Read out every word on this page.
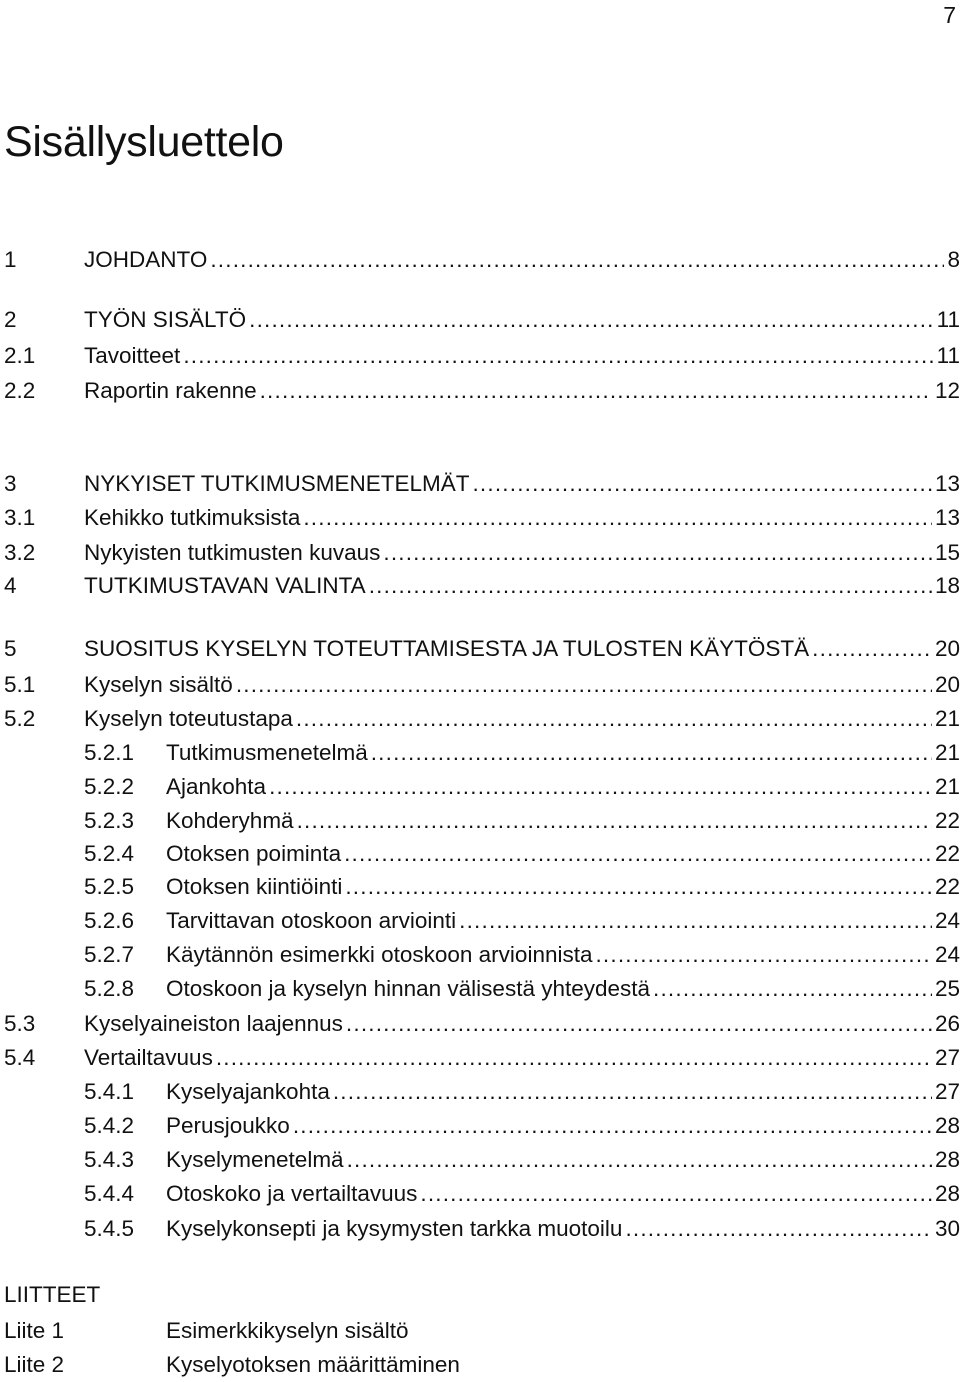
7
Sisällysluettelo
1	JOHDANTO .....	8
2	TYÖN SISÄLTÖ .....	11
2.1 Tavoitteet .....	11
2.2 Raportin rakenne .....	12
3	NYKYISET TUTKIMUSMENETELMÄT .....	13
3.1 Kehikko tutkimuksista .....	13
3.2 Nykyisten tutkimusten kuvaus .....	15
4	TUTKIMUSTAVAN VALINTA .....	18
5	SUOSITUS KYSELYN TOTEUTTAMISESTA JA TULOSTEN KÄYTÖSTÄ .....	20
5.1 Kyselyn sisältö .....	20
5.2 Kyselyn toteutustapa .....	21
5.2.1 Tutkimusmenetelmä .....	21
5.2.2 Ajankohta .....	21
5.2.3 Kohderyhmä .....	22
5.2.4 Otoksen poiminta .....	22
5.2.5 Otoksen kiintiöinti .....	22
5.2.6 Tarvittavan otoskoon arviointi .....	24
5.2.7 Käytännön esimerkki otoskoon arvioinnista .....	24
5.2.8 Otoskoon ja kyselyn hinnan välisestä yhteydestä .....	25
5.3 Kyselyaineiston laajennus .....	26
5.4 Vertailtavuus .....	27
5.4.1 Kyselyajankohta .....	27
5.4.2 Perusjoukko .....	28
5.4.3 Kyselymenetelmä .....	28
5.4.4 Otoskoko ja vertailtavuus .....	28
5.4.5 Kyselykonsepti ja kysymysten tarkka muotoilu .....	30
LIITTEET
Liite 1	Esimerkkikyselyn sisältö
Liite 2	Kyselyotoksen määrittäminen
